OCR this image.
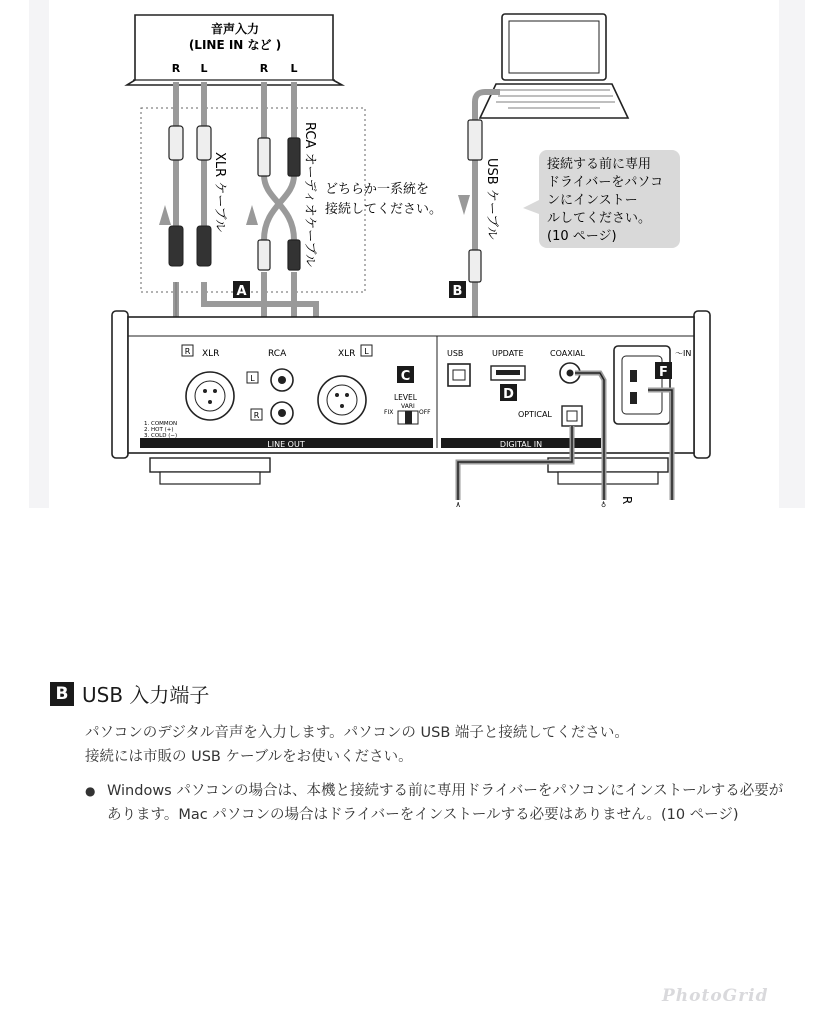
音声入力
(LINE IN など )
R L	R L
XLR ケーブル	RCA オーディオケーブル どちらか一系統を
接続してください。
A
USB ケーブル	接続する前に専用
ドライバーをパソコ
ンにインストー
ルしてください。
(10 ページ)
B
LINE OUT	DIGITAL IN
R XLR
1. COMMON
2. HOT (+)
3. COLD (−)
RCA
L
R
XLR L
C
LEVEL
VARI
FIX	OFF
USB	UPDATE
D
COAXIAL
OPTICAL
～IN
F
٨	♁
R
B USB 入力端子

パソコンのデジタル音声を入力します。パソコンの USB 端子と接続してください。

接続には市販の USB ケーブルをお使いください。

● Windows パソコンの場合は、本機と接続する前に専用ドライバーをパソコンにインストールする必要があります。Mac パソコンの場合はドライバーをインストールする必要はありません。(10 ページ)
PhotoGrid
